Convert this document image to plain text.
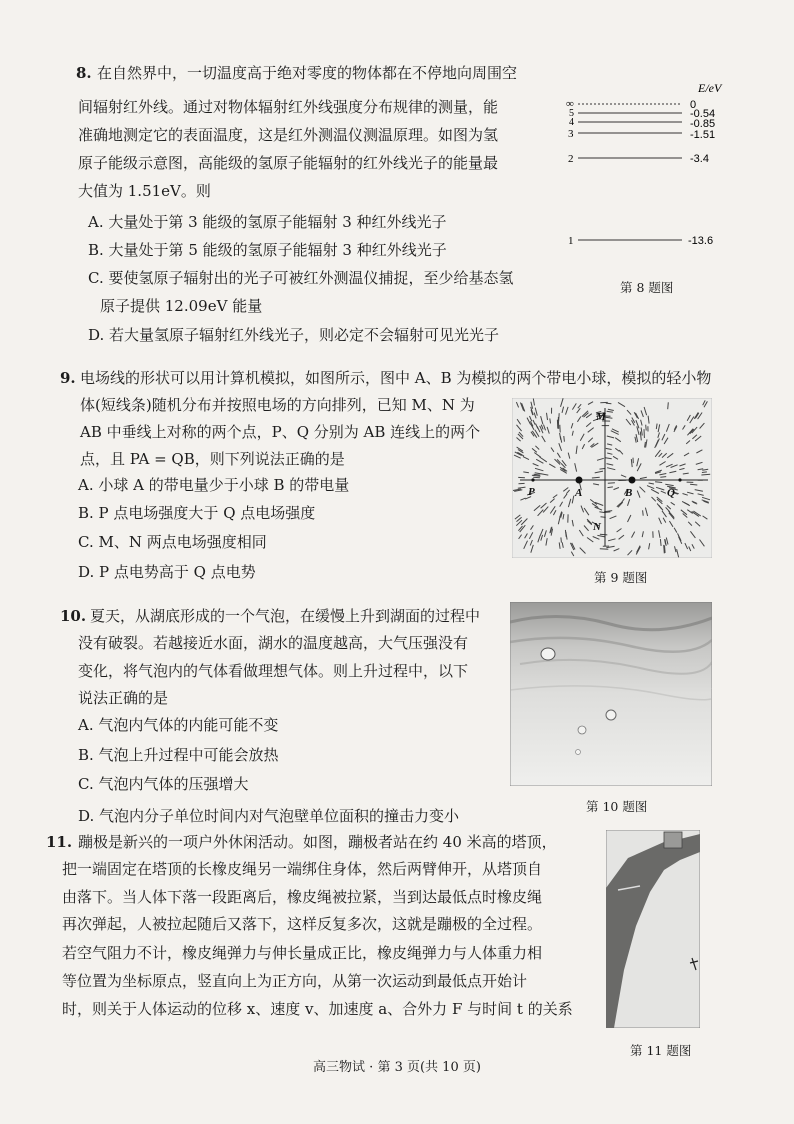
8. 在自然界中，一切温度高于绝对零度的物体都在不停地向周围空
间辐射红外线。通过对物体辐射红外线强度分布规律的测量，能
准确地测定它的表面温度，这是红外测温仪测温原理。如图为氢
原子能级示意图，高能级的氢原子能辐射的红外线光子的能量最
大值为 1.51eV。则
A. 大量处于第 3 能级的氢原子能辐射 3 种红外线光子
B. 大量处于第 5 能级的氢原子能辐射 3 种红外线光子
C. 要使氢原子辐射出的光子可被红外测温仪捕捉，至少给基态氢
原子提供 12.09eV 能量
D. 若大量氢原子辐射红外线光子，则必定不会辐射可见光光子
E/eV
∞	0
5	-0.54
4	-0.85
3	-1.51
2	-3.4
1	-13.6
第 8 题图
9. 电场线的形状可以用计算机模拟，如图所示，图中 A、B 为模拟的两个带电小球，模拟的轻小物
体(短线条)随机分布并按照电场的方向排列，已知 M、N 为
AB 中垂线上对称的两个点，P、Q 分别为 AB 连线上的两个
点，且 PA = QB，则下列说法正确的是
A. 小球 A 的带电量少于小球 B 的带电量
B. P 点电场强度大于 Q 点电场强度
C. M、N 两点电场强度相同
D. P 点电势高于 Q 点电势
M
N
P	A	B	Q
第 9 题图
10. 夏天，从湖底形成的一个气泡，在缓慢上升到湖面的过程中
没有破裂。若越接近水面，湖水的温度越高，大气压强没有
变化，将气泡内的气体看做理想气体。则上升过程中，以下
说法正确的是
A. 气泡内气体的内能可能不变
B. 气泡上升过程中可能会放热
C. 气泡内气体的压强增大
D. 气泡内分子单位时间内对气泡壁单位面积的撞击力变小
第 10 题图
11. 蹦极是新兴的一项户外休闲活动。如图，蹦极者站在约 40 米高的塔顶，
把一端固定在塔顶的长橡皮绳另一端绑住身体，然后两臂伸开，从塔顶自
由落下。当人体下落一段距离后，橡皮绳被拉紧，当到达最低点时橡皮绳
再次弹起，人被拉起随后又落下，这样反复多次，这就是蹦极的全过程。
若空气阻力不计，橡皮绳弹力与伸长量成正比，橡皮绳弹力与人体重力相
等位置为坐标原点，竖直向上为正方向，从第一次运动到最低点开始计
时，则关于人体运动的位移 x、速度 v、加速度 a、合外力 F 与时间 t 的关系
第 11 题图
高三物试 · 第 3 页(共 10 页)
